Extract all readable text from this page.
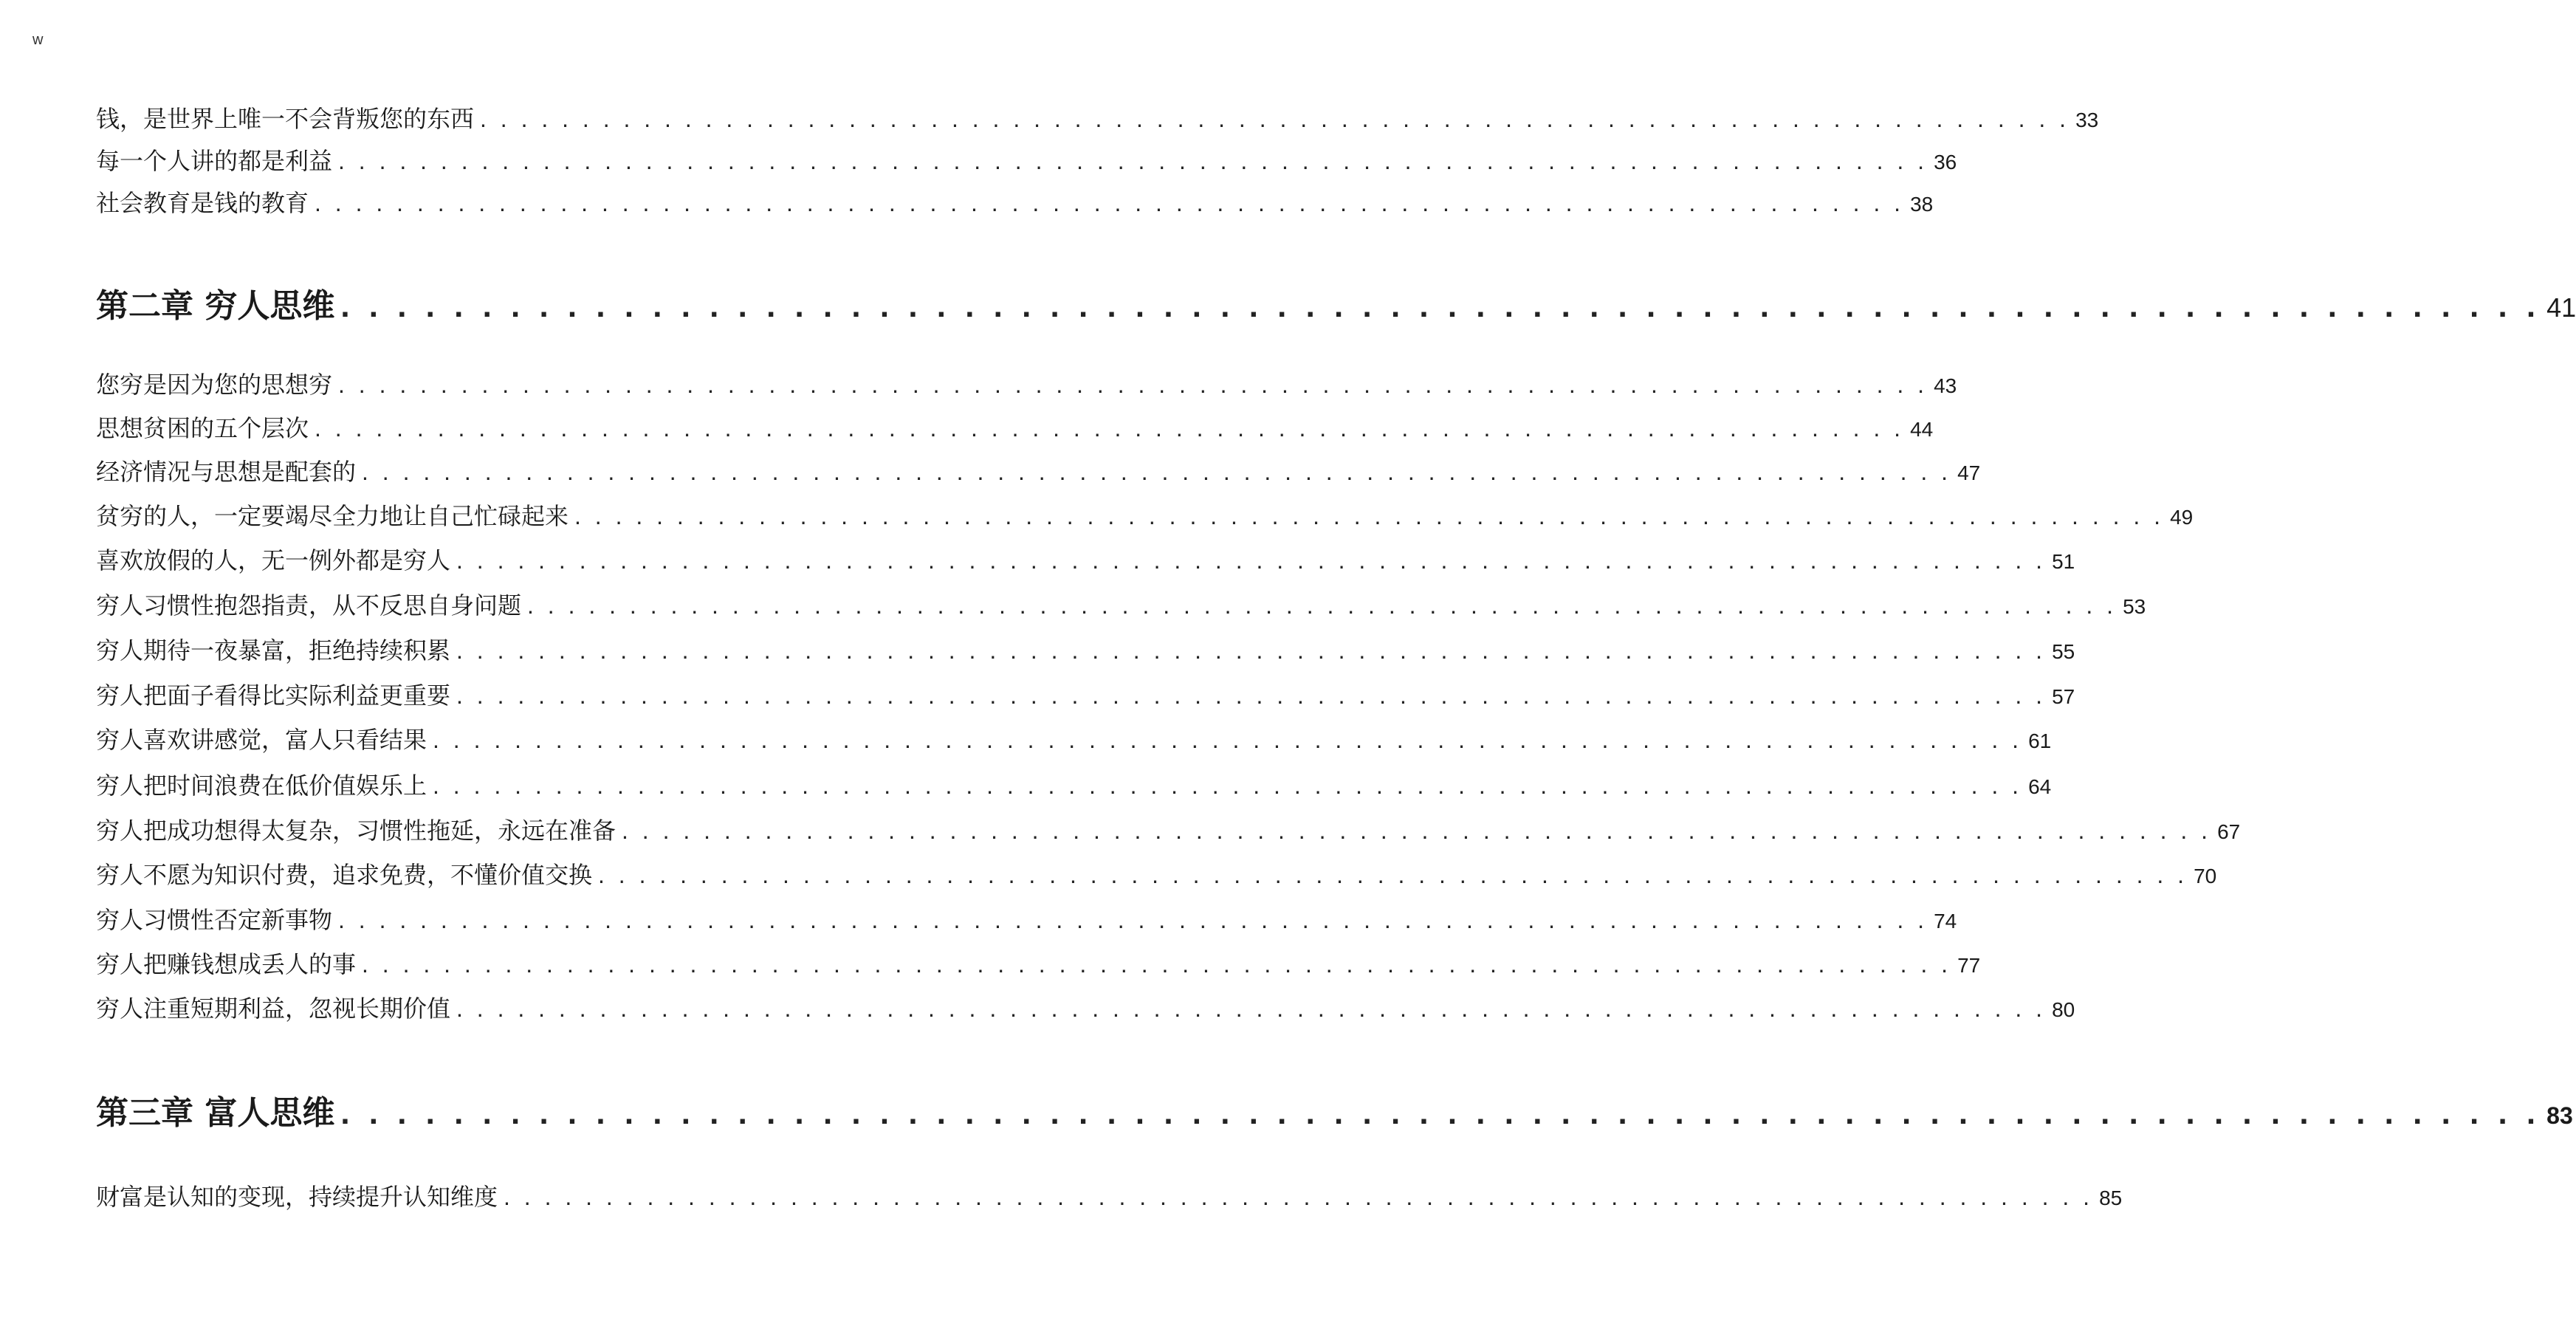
w
钱，是世界上唯一不会背叛您的东西 . . . . . . . . . . . . . . . . . . . . . . . . . . . . . . . . . . . . . . . . . . . . . . . . . . . . . . . . . . . . . . . . . . . . . . . . . . . . . . 33
每一个人讲的都是利益 . . . . . . . . . . . . . . . . . . . . . . . . . . . . . . . . . . . . . . . . . . . . . . . . . . . . . . . . . . . . . . . . . . . . . . . . . . . . . . 36
社会教育是钱的教育 . . . . . . . . . . . . . . . . . . . . . . . . . . . . . . . . . . . . . . . . . . . . . . . . . . . . . . . . . . . . . . . . . . . . . . . . . . . . . . 38
第二章 穷人思维 . . . . . . . . . . . . . . . . . . . . . . . . . . . . . . . . . . . . . . . . . . . . . . . . . . . . . . . . . . . . . . . . . . . . . . . . . . . . . . 41
您穷是因为您的思想穷 . . . . . . . . . . . . . . . . . . . . . . . . . . . . . . . . . . . . . . . . . . . . . . . . . . . . . . . . . . . . . . . . . . . . . . . . . . . . . . 43
思想贫困的五个层次 . . . . . . . . . . . . . . . . . . . . . . . . . . . . . . . . . . . . . . . . . . . . . . . . . . . . . . . . . . . . . . . . . . . . . . . . . . . . . . 44
经济情况与思想是配套的 . . . . . . . . . . . . . . . . . . . . . . . . . . . . . . . . . . . . . . . . . . . . . . . . . . . . . . . . . . . . . . . . . . . . . . . . . . . . . . 47
贫穷的人，一定要竭尽全力地让自己忙碌起来 . . . . . . . . . . . . . . . . . . . . . . . . . . . . . . . . . . . . . . . . . . . . . . . . . . . . . . . . . . . . . . . . . . . . . . . . . . . . . . 49
喜欢放假的人，无一例外都是穷人 . . . . . . . . . . . . . . . . . . . . . . . . . . . . . . . . . . . . . . . . . . . . . . . . . . . . . . . . . . . . . . . . . . . . . . . . . . . . . . 51
穷人习惯性抱怨指责，从不反思自身问题 . . . . . . . . . . . . . . . . . . . . . . . . . . . . . . . . . . . . . . . . . . . . . . . . . . . . . . . . . . . . . . . . . . . . . . . . . . . . . . 53
穷人期待一夜暴富，拒绝持续积累 . . . . . . . . . . . . . . . . . . . . . . . . . . . . . . . . . . . . . . . . . . . . . . . . . . . . . . . . . . . . . . . . . . . . . . . . . . . . . . 55
穷人把面子看得比实际利益更重要 . . . . . . . . . . . . . . . . . . . . . . . . . . . . . . . . . . . . . . . . . . . . . . . . . . . . . . . . . . . . . . . . . . . . . . . . . . . . . . 57
穷人喜欢讲感觉，富人只看结果 . . . . . . . . . . . . . . . . . . . . . . . . . . . . . . . . . . . . . . . . . . . . . . . . . . . . . . . . . . . . . . . . . . . . . . . . . . . . . . 61
穷人把时间浪费在低价值娱乐上 . . . . . . . . . . . . . . . . . . . . . . . . . . . . . . . . . . . . . . . . . . . . . . . . . . . . . . . . . . . . . . . . . . . . . . . . . . . . . . 64
穷人把成功想得太复杂，习惯性拖延，永远在准备 . . . . . . . . . . . . . . . . . . . . . . . . . . . . . . . . . . . . . . . . . . . . . . . . . . . . . . . . . . . . . . . . . . . . . . . . . . . . . . 67
穷人不愿为知识付费，追求免费，不懂价值交换 . . . . . . . . . . . . . . . . . . . . . . . . . . . . . . . . . . . . . . . . . . . . . . . . . . . . . . . . . . . . . . . . . . . . . . . . . . . . . . 70
穷人习惯性否定新事物 . . . . . . . . . . . . . . . . . . . . . . . . . . . . . . . . . . . . . . . . . . . . . . . . . . . . . . . . . . . . . . . . . . . . . . . . . . . . . . 74
穷人把赚钱想成丢人的事 . . . . . . . . . . . . . . . . . . . . . . . . . . . . . . . . . . . . . . . . . . . . . . . . . . . . . . . . . . . . . . . . . . . . . . . . . . . . . . 77
穷人注重短期利益，忽视长期价值 . . . . . . . . . . . . . . . . . . . . . . . . . . . . . . . . . . . . . . . . . . . . . . . . . . . . . . . . . . . . . . . . . . . . . . . . . . . . . . 80
第三章 富人思维 . . . . . . . . . . . . . . . . . . . . . . . . . . . . . . . . . . . . . . . . . . . . . . . . . . . . . . . . . . . . . . . . . . . . . . . . . . . . . . 83
财富是认知的变现，持续提升认知维度 . . . . . . . . . . . . . . . . . . . . . . . . . . . . . . . . . . . . . . . . . . . . . . . . . . . . . . . . . . . . . . . . . . . . . . . . . . . . . . 85
